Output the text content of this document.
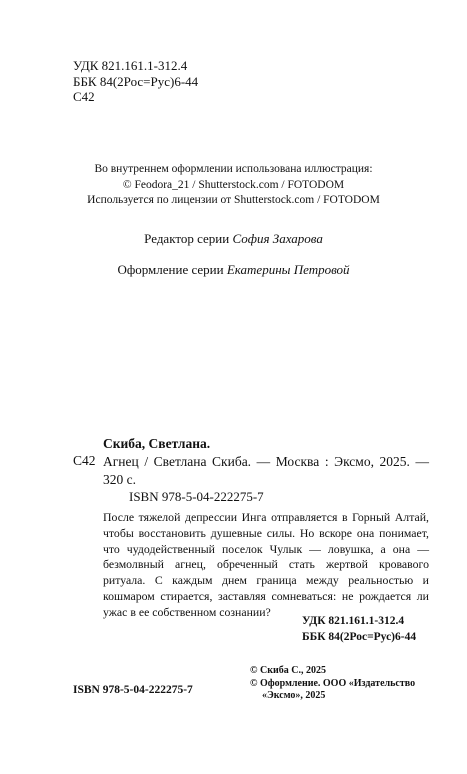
УДК 821.161.1-312.4
ББК 84(2Рос=Рус)6-44
С42
Во внутреннем оформлении использована иллюстрация:
© Feodora_21 / Shutterstock.com / FOTODOM
Используется по лицензии от Shutterstock.com / FOTODOM
Редактор серии София Захарова
Оформление серии Екатерины Петровой
Скиба, Светлана.
С42 Агнец / Светлана Скиба. — Москва : Эксмо, 2025. — 320 с.
ISBN 978-5-04-222275-7
После тяжелой депрессии Инга отправляется в Горный Алтай, чтобы восстановить душевные силы. Но вскоре она понимает, что чудодейственный поселок Чулык — ловушка, а она — безмолвный агнец, обреченный стать жертвой кровавого ритуала. С каждым днем граница между реальностью и кошмаром стирается, заставляя сомневаться: не рождается ли ужас в ее собственном сознании?
УДК 821.161.1-312.4
ББК 84(2Рос=Рус)6-44
© Скиба С., 2025
© Оформление. ООО «Издательство
«Эксмо», 2025
ISBN 978-5-04-222275-7
